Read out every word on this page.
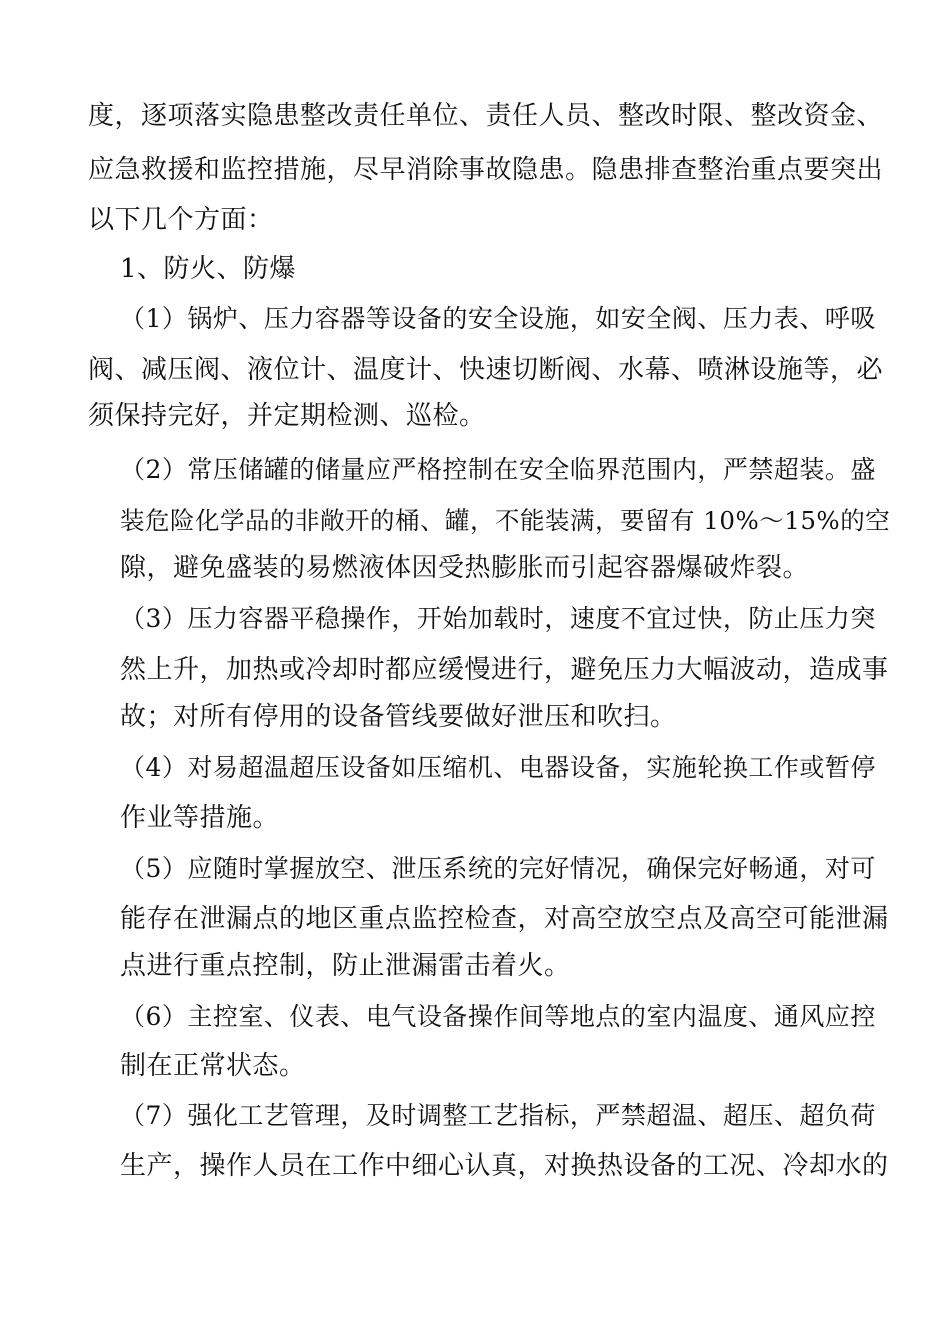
度，逐项落实隐患整改责任单位、责任人员、整改时限、整改资金、
应急救援和监控措施，尽早消除事故隐患。隐患排查整治重点要突出
以下几个方面：
1、防火、防爆
（1）锅炉、压力容器等设备的安全设施，如安全阀、压力表、呼吸
阀、减压阀、液位计、温度计、快速切断阀、水幕、喷淋设施等，必
须保持完好，并定期检测、巡检。
（2）常压储罐的储量应严格控制在安全临界范围内，严禁超装。盛
装危险化学品的非敞开的桶、罐，不能装满，要留有 10%～15%的空
隙，避免盛装的易燃液体因受热膨胀而引起容器爆破炸裂。
（3）压力容器平稳操作，开始加载时，速度不宜过快，防止压力突
然上升，加热或冷却时都应缓慢进行，避免压力大幅波动，造成事
故；对所有停用的设备管线要做好泄压和吹扫。
（4）对易超温超压设备如压缩机、电器设备，实施轮换工作或暂停
作业等措施。
（5）应随时掌握放空、泄压系统的完好情况，确保完好畅通，对可
能存在泄漏点的地区重点监控检查，对高空放空点及高空可能泄漏
点进行重点控制，防止泄漏雷击着火。
（6）主控室、仪表、电气设备操作间等地点的室内温度、通风应控
制在正常状态。
（7）强化工艺管理，及时调整工艺指标，严禁超温、超压、超负荷
生产，操作人员在工作中细心认真，对换热设备的工况、冷却水的
